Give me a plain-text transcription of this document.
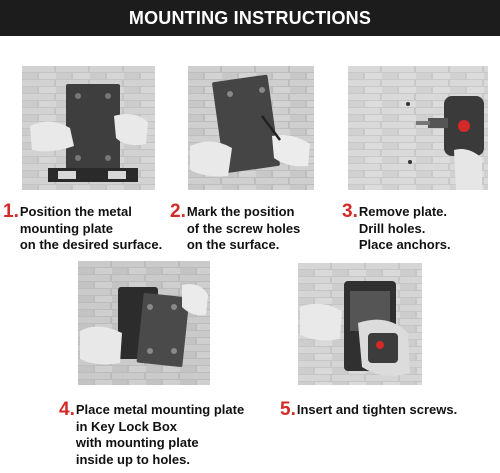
MOUNTING INSTRUCTIONS
1. Position the metal
mounting plate
on the desired surface.
2. Mark the position
of the screw holes
on the surface.
3. Remove plate.
Drill holes.
Place anchors.
4. Place metal mounting plate
in Key Lock Box
with mounting plate
inside up to holes.
5. Insert and tighten screws.
